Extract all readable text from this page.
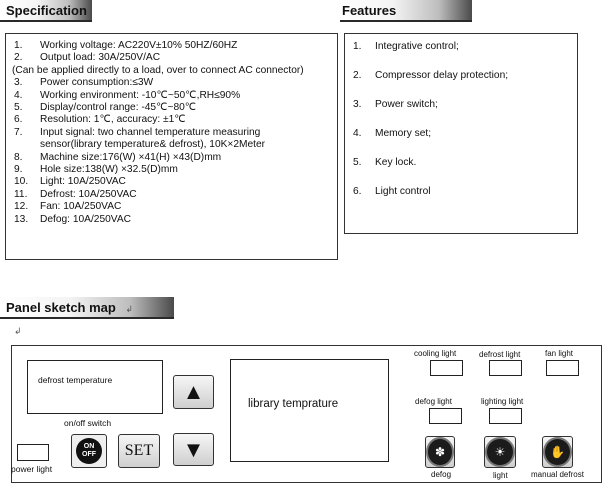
Specification
1.	Working voltage: AC220V±10% 50HZ/60HZ
2.	Output load: 30A/250V/AC
(Can be applied directly to a load, over to connect AC connector)
3.	Power consumption:≤3W
4.	Working environment: -10℃~50℃,RH≤90%
5.	Display/control range: -45℃~80℃
6.	Resolution: 1℃, accuracy: ±1℃
7.	Input signal: two channel temperature measuring
sensor(library temperature& defrost), 10K×2Meter
8.	Machine size:176(W) ×41(H) ×43(D)mm
9.	Hole size:138(W) ×32.5(D)mm
10.	Light: 10A/250VAC
11.	Defrost: 10A/250VAC
12.	Fan: 10A/250VAC
13.	Defog: 10A/250VAC
Features
1.	Integrative control;
2.	Compressor delay protection;
3.	Power switch;
4.	Memory set;
5.	Key lock.
6.	Light control
Panel sketch map ↲
↲
defrost temperature	▲
▼
library temprature
on/off switch
ON
OFF SET
power light
cooling light	defrost light	fan light
defog light	lighting light
✽
defog
☀
light
✋
manual defrost
